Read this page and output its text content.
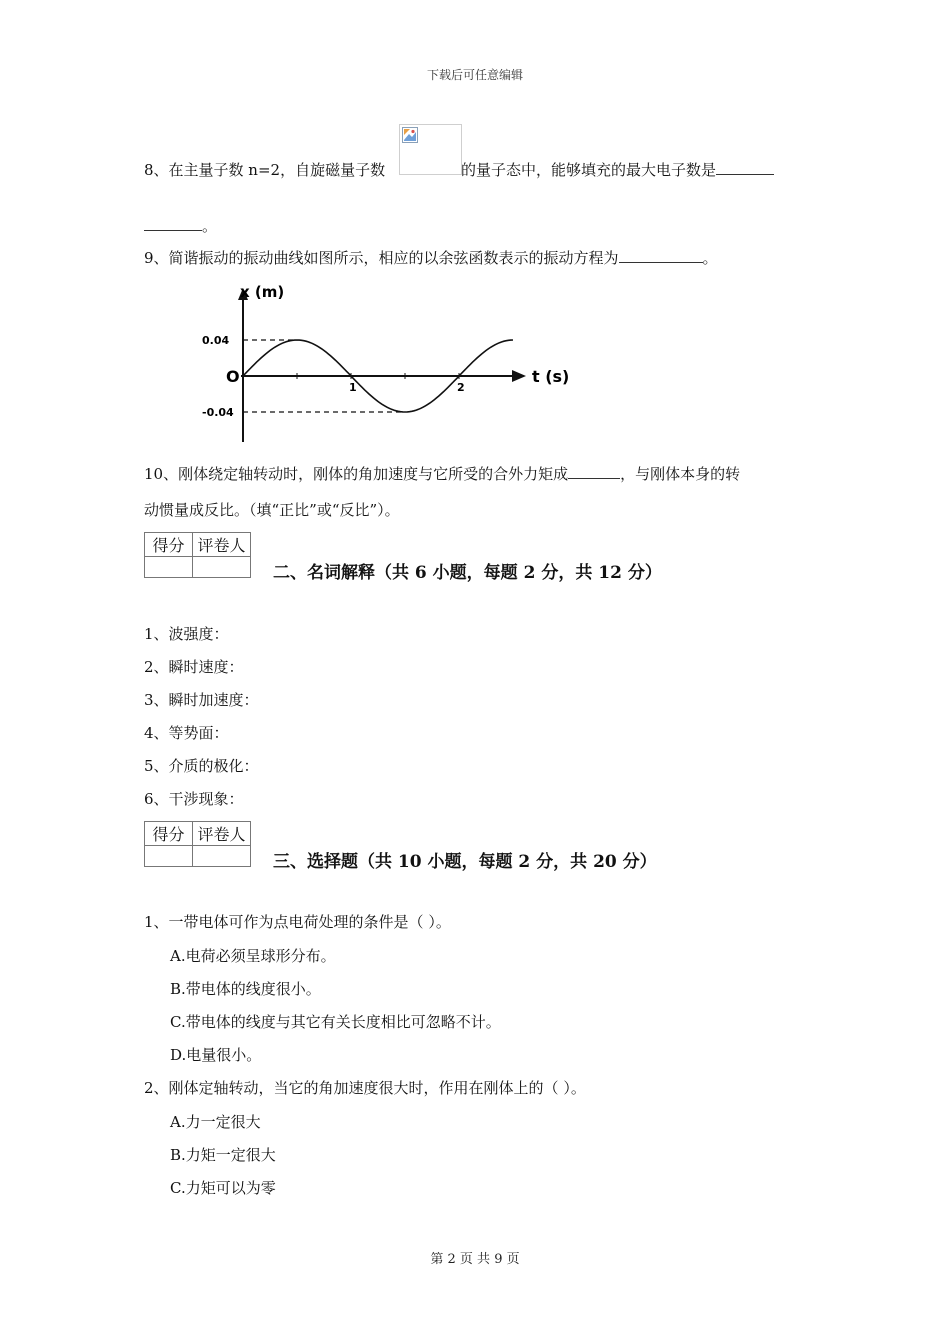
下载后可任意编辑
8、在主量子数 n=2，自旋磁量子数	的量子态中，能够填充的最大电子数是
。
9、简谐振动的振动曲线如图所示，相应的以余弦函数表示的振动方程为	。
1	2
0.04
-0.04
x (m)
t (s)
O
10、刚体绕定轴转动时，刚体的角加速度与它所受的合外力矩成	，与刚体本身的转
动惯量成反比。（填“正比”或“反比”）。
得分	评卷人

二、名词解释（共 6 小题，每题 2 分，共 12 分）
1、波强度：
2、瞬时速度：
3、瞬时加速度：
4、等势面：
5、介质的极化：
6、干涉现象：
得分	评卷人

三、选择题（共 10 小题，每题 2 分，共 20 分）
1、一带电体可作为点电荷处理的条件是（ ）。
A.电荷必须呈球形分布。
B.带电体的线度很小。
C.带电体的线度与其它有关长度相比可忽略不计。
D.电量很小。
2、刚体定轴转动，当它的角加速度很大时，作用在刚体上的（ ）。
A.力一定很大
B.力矩一定很大
C.力矩可以为零
第 2 页 共 9 页
